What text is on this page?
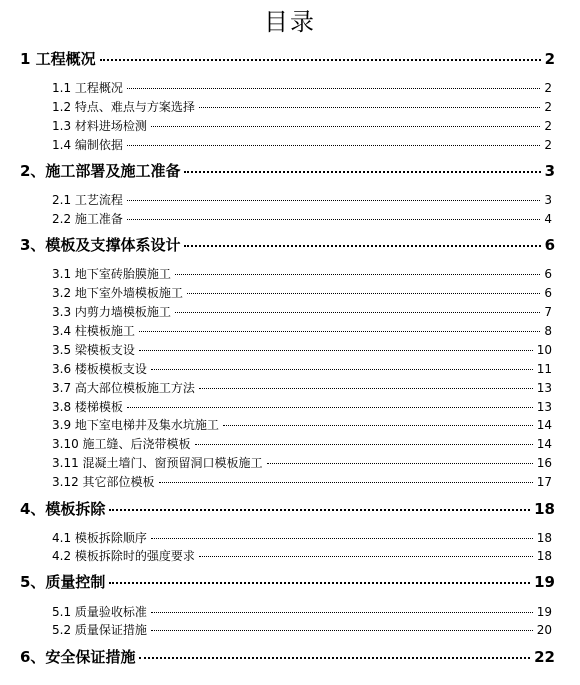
目录
1 工程概况	2
1.1 工程概况	2
1.2 特点、难点与方案选择	2
1.3 材料进场检测	2
1.4 编制依据	2
2、施工部署及施工准备	3
2.1 工艺流程	3
2.2 施工准备	4
3、模板及支撑体系设计	6
3.1 地下室砖胎膜施工	6
3.2 地下室外墙模板施工	6
3.3 内剪力墙模板施工	7
3.4 柱模板施工	8
3.5 梁模板支设	10
3.6 楼板模板支设	11
3.7 高大部位模板施工方法	13
3.8 楼梯模板	13
3.9 地下室电梯井及集水坑施工	14
3.10 施工缝、后浇带模板	14
3.11 混凝土墙门、窗预留洞口模板施工	16
3.12 其它部位模板	17
4、模板拆除	18
4.1 模板拆除顺序	18
4.2 模板拆除时的强度要求	18
5、质量控制	19
5.1 质量验收标准	19
5.2 质量保证措施	20
6、安全保证措施	22
